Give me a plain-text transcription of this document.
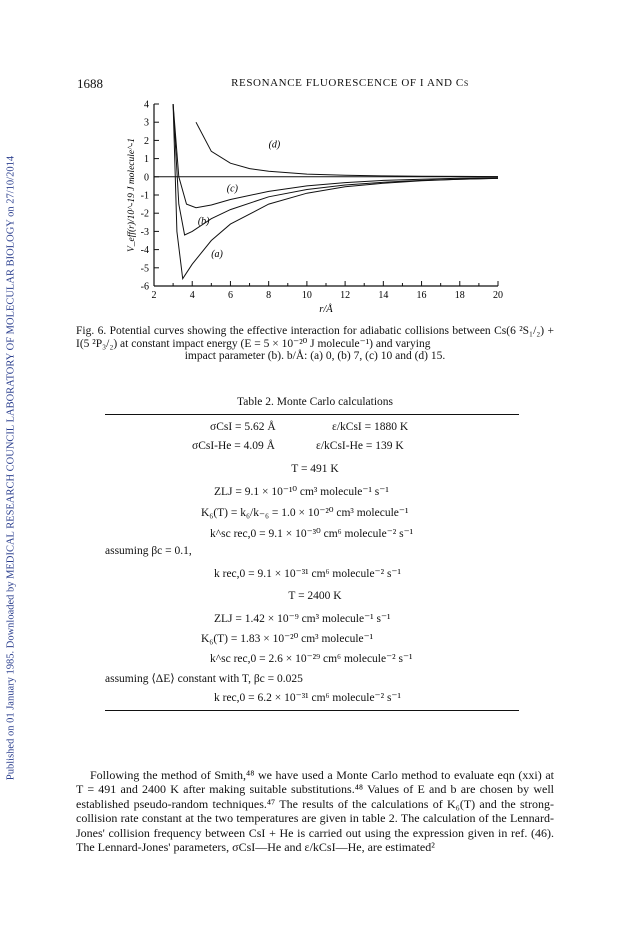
Published on 01 January 1985. Downloaded by MEDICAL RESEARCH COUNCIL LABORATORY OF MOLECULAR BIOLOGY on 27/10/2014
1688	RESONANCE FLUORESCENCE OF I AND Cs
4
3
2
1
0
-1
-2
-3
-4
-5
-6
2	4	6	8	10	12	14	16	18	20
r/Å
V_eff(r)/10^-19 J molecule^-1
(a)
(b)
(c)
(d)
Fig. 6. Potential curves showing the effective interaction for adiabatic collisions between Cs(6 ²S₁/₂) + I(5 ²P₃/₂) at constant impact energy (E = 5 × 10⁻²⁰ J molecule⁻¹) and varying
impact parameter (b). b/Å: (a) 0, (b) 7, (c) 10 and (d) 15.
Table 2. Monte Carlo calculations
σCsI = 5.62 Å	ε/kCsI = 1880 K
σCsI-He = 4.09 Å	ε/kCsI-He = 139 K
T = 491 K
ZLJ = 9.1 × 10⁻¹⁰ cm³ molecule⁻¹ s⁻¹
K₆(T) = k₆/k₋₆ = 1.0 × 10⁻²⁰ cm³ molecule⁻¹
k^sc rec,0 = 9.1 × 10⁻³⁰ cm⁶ molecule⁻² s⁻¹
assuming βc = 0.1,
k rec,0 = 9.1 × 10⁻³¹ cm⁶ molecule⁻² s⁻¹
T = 2400 K
ZLJ = 1.42 × 10⁻⁹ cm³ molecule⁻¹ s⁻¹
K₆(T) = 1.83 × 10⁻²⁰ cm³ molecule⁻¹
k^sc rec,0 = 2.6 × 10⁻²⁹ cm⁶ molecule⁻² s⁻¹
assuming ⟨ΔE⟩ constant with T, βc = 0.025
k rec,0 = 6.2 × 10⁻³¹ cm⁶ molecule⁻² s⁻¹
Following the method of Smith,⁴⁸ we have used a Monte Carlo method to evaluate eqn (xxi) at T = 491 and 2400 K after making suitable substitutions.⁴⁸ Values of E and b are chosen by well established pseudo-random techniques.⁴⁷ The results of the calculations of K₆(T) and the strong-collision rate constant at the two temperatures are given in table 2. The calculation of the Lennard-Jones' collision frequency between CsI + He is carried out using the expression given in ref. (46). The Lennard-Jones' parameters, σCsI—He and ε/kCsI—He, are estimated²
